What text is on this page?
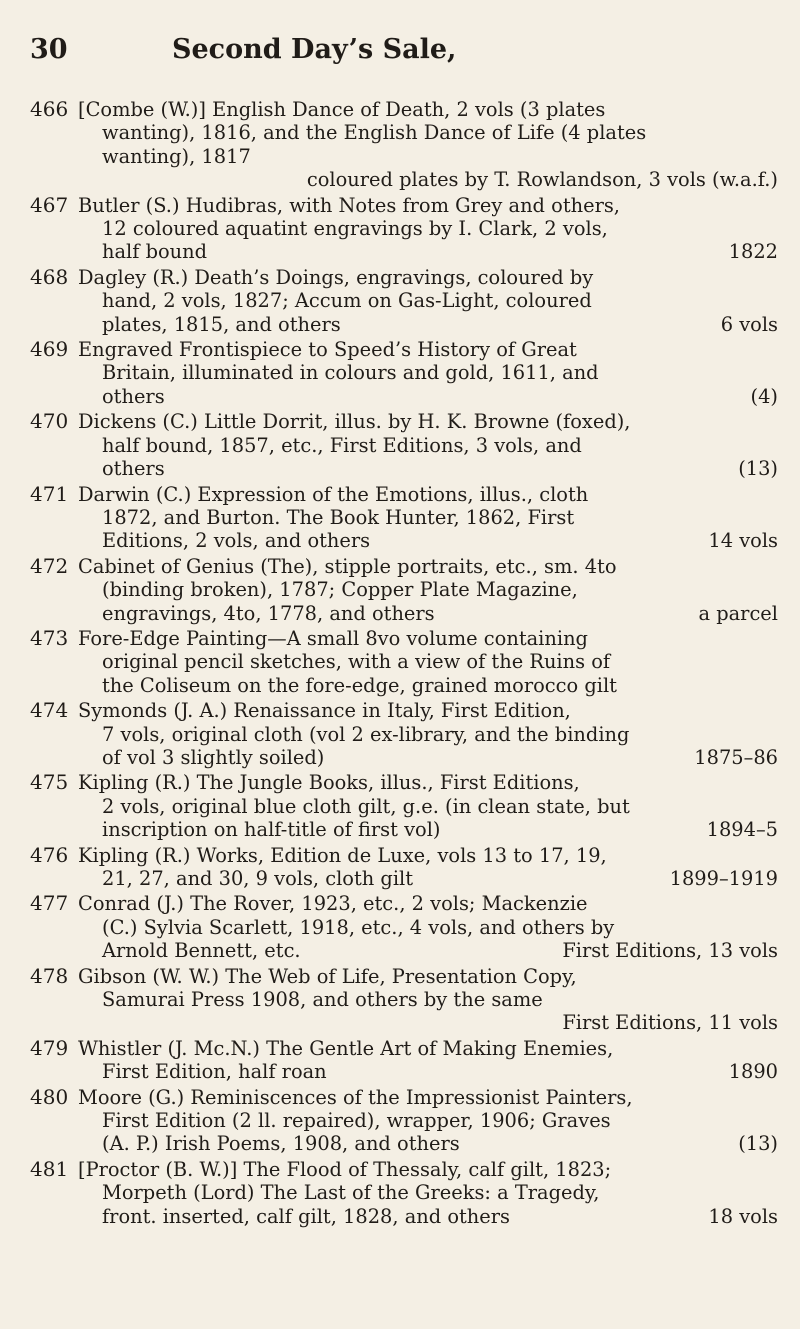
30	Second Day’s Sale,
466 [Combe (W.)] English Dance of Death, 2 vols (3 plates
wanting), 1816, and the English Dance of Life (4 plates
wanting), 1817
coloured plates by T. Rowlandson, 3 vols (w.a.f.)
467 Butler (S.) Hudibras, with Notes from Grey and others,
12 coloured aquatint engravings by I. Clark, 2 vols,
half bound	1822
468 Dagley (R.) Death’s Doings, engravings, coloured by
hand, 2 vols, 1827; Accum on Gas-Light, coloured
plates, 1815, and others	6 vols
469 Engraved Frontispiece to Speed’s History of Great
Britain, illuminated in colours and gold, 1611, and
others	(4)
470 Dickens (C.) Little Dorrit, illus. by H. K. Browne (foxed),
half bound, 1857, etc., First Editions, 3 vols, and
others	(13)
471 Darwin (C.) Expression of the Emotions, illus., cloth
1872, and Burton. The Book Hunter, 1862, First
Editions, 2 vols, and others	14 vols
472 Cabinet of Genius (The), stipple portraits, etc., sm. 4to
(binding broken), 1787; Copper Plate Magazine,
engravings, 4to, 1778, and others	a parcel
473 Fore-Edge Painting—A small 8vo volume containing
original pencil sketches, with a view of the Ruins of
the Coliseum on the fore-edge, grained morocco gilt
474 Symonds (J. A.) Renaissance in Italy, First Edition,
7 vols, original cloth (vol 2 ex-library, and the binding
of vol 3 slightly soiled)	1875–86
475 Kipling (R.) The Jungle Books, illus., First Editions,
2 vols, original blue cloth gilt, g.e. (in clean state, but
inscription on half-title of first vol)	1894–5
476 Kipling (R.) Works, Edition de Luxe, vols 13 to 17, 19,
21, 27, and 30, 9 vols, cloth gilt	1899–1919
477 Conrad (J.) The Rover, 1923, etc., 2 vols; Mackenzie
(C.) Sylvia Scarlett, 1918, etc., 4 vols, and others by
Arnold Bennett, etc.	First Editions, 13 vols
478 Gibson (W. W.) The Web of Life, Presentation Copy,
Samurai Press 1908, and others by the same
First Editions, 11 vols
479 Whistler (J. Mc.N.) The Gentle Art of Making Enemies,
First Edition, half roan	1890
480 Moore (G.) Reminiscences of the Impressionist Painters,
First Edition (2 ll. repaired), wrapper, 1906; Graves
(A. P.) Irish Poems, 1908, and others	(13)
481 [Proctor (B. W.)] The Flood of Thessaly, calf gilt, 1823;
Morpeth (Lord) The Last of the Greeks: a Tragedy,
front. inserted, calf gilt, 1828, and others	18 vols
